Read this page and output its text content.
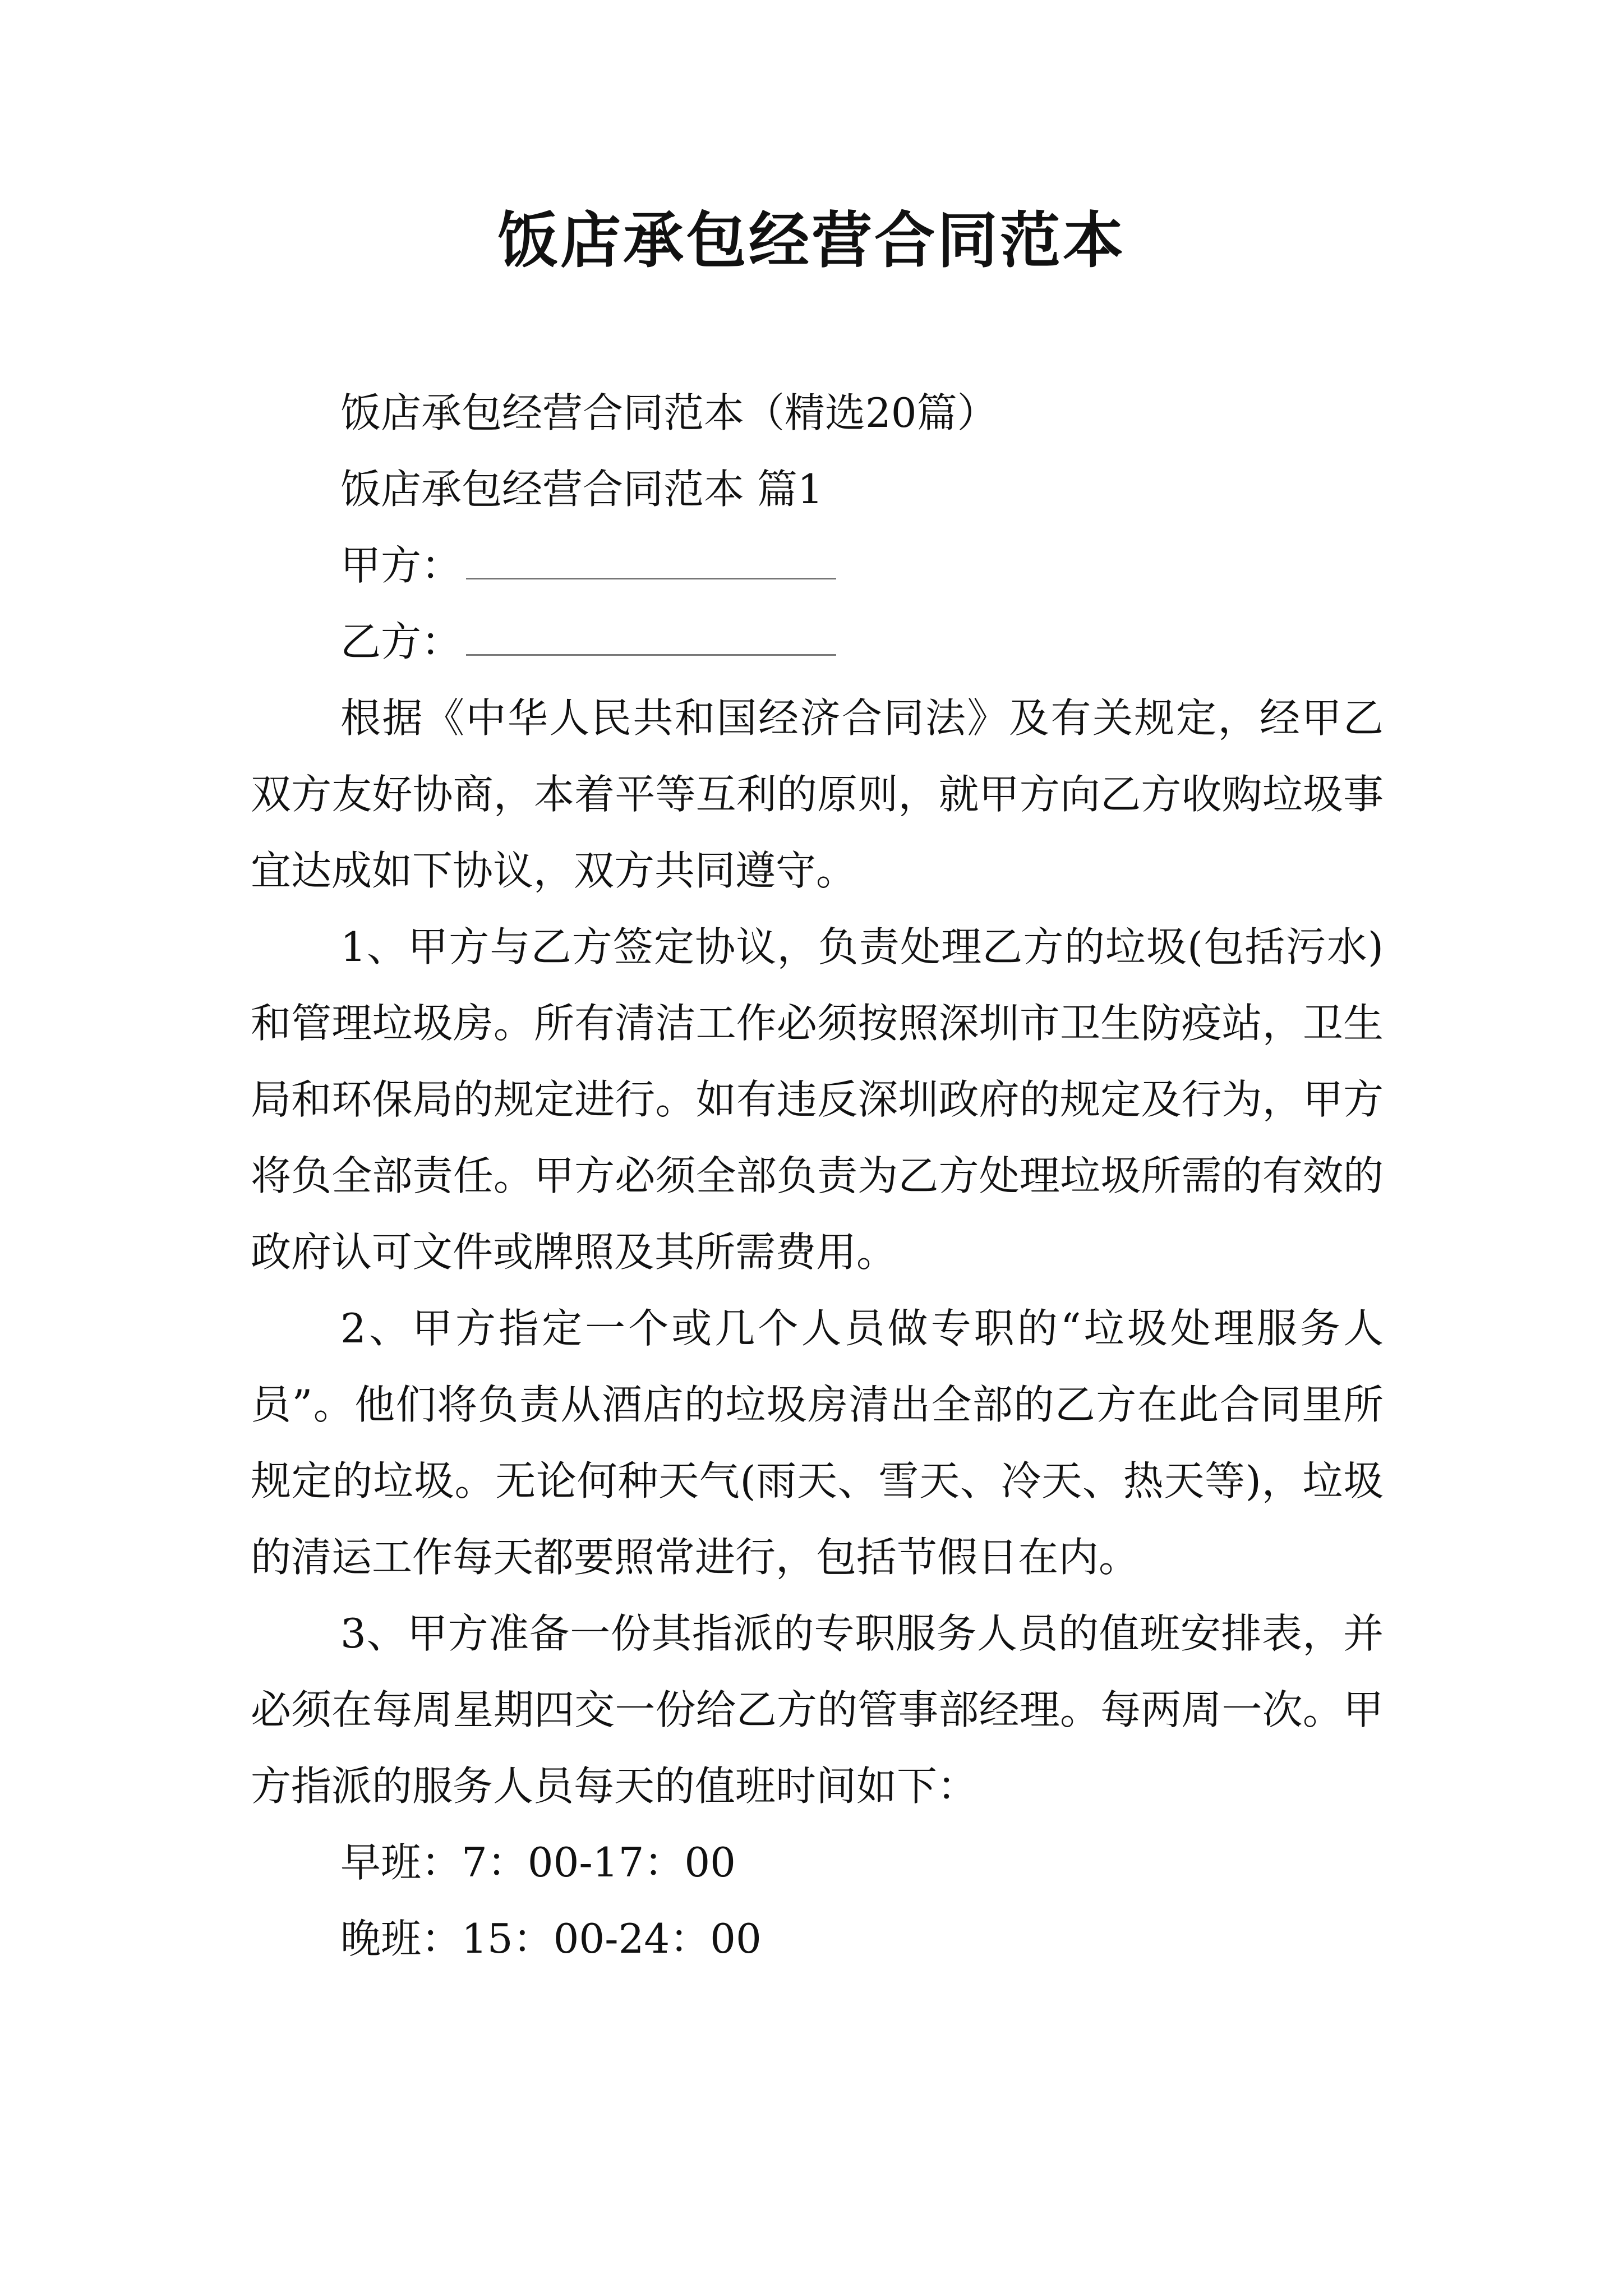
饭店承包经营合同范本

饭店承包经营合同范本（精选20篇）

饭店承包经营合同范本 篇1

甲方：

乙方：

根据《中华人民共和国经济合同法》及有关规定，经甲乙双方友好协商，本着平等互利的原则，就甲方向乙方收购垃圾事宜达成如下协议，双方共同遵守。

1、甲方与乙方签定协议，负责处理乙方的垃圾(包括污水)和管理垃圾房。所有清洁工作必须按照深圳市卫生防疫站，卫生局和环保局的规定进行。如有违反深圳政府的规定及行为，甲方将负全部责任。甲方必须全部负责为乙方处理垃圾所需的有效的政府认可文件或牌照及其所需费用。

2、甲方指定一个或几个人员做专职的“垃圾处理服务人员”。他们将负责从酒店的垃圾房清出全部的乙方在此合同里所规定的垃圾。无论何种天气(雨天、雪天、冷天、热天等)，垃圾的清运工作每天都要照常进行，包括节假日在内。

3、甲方准备一份其指派的专职服务人员的值班安排表，并必须在每周星期四交一份给乙方的管事部经理。每两周一次。甲方指派的服务人员每天的值班时间如下：

早班：7：00-17：00

晚班：15：00-24：00
